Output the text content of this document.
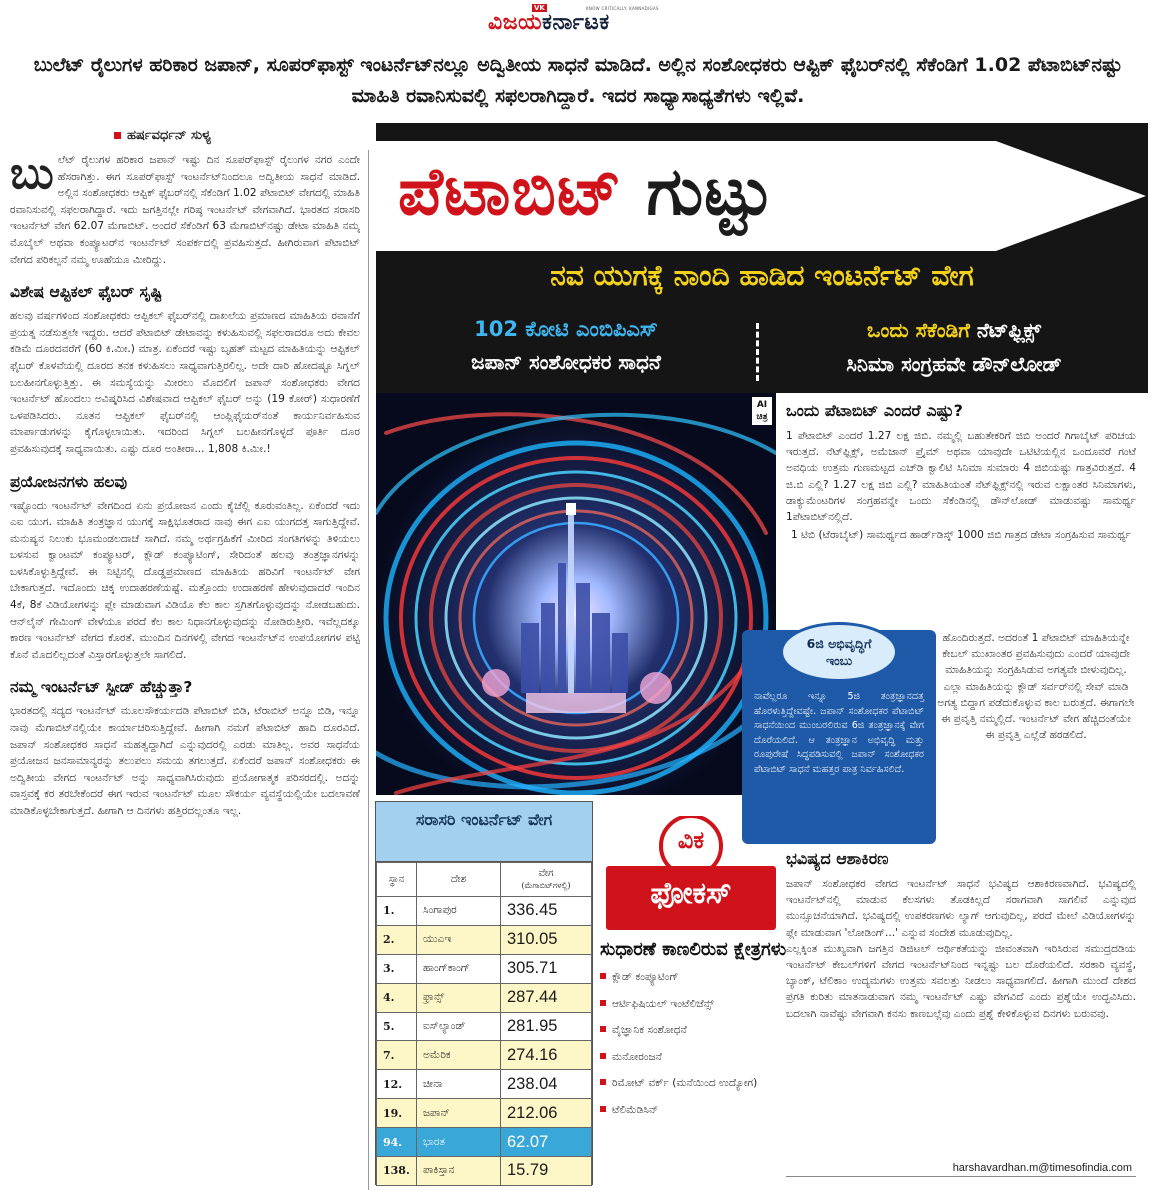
VK	KNOW CRITICALLY. KANNADIGAS
ವಿಜಯಕರ್ನಾಟಕ
ಬುಲೆಟ್ ರೈಲುಗಳ ಹರಿಕಾರ ಜಪಾನ್, ಸೂಪರ್‌ಫಾಸ್ಟ್ ಇಂಟರ್ನೆಟ್‌ನಲ್ಲೂ ಅದ್ವಿತೀಯ ಸಾಧನೆ ಮಾಡಿದೆ. ಅಲ್ಲಿನ ಸಂಶೋಧಕರು ಆಪ್ಟಿಕ್ ಫೈಬರ್‌ನಲ್ಲಿ ಸೆಕೆಂಡಿಗೆ 1.02 ಪೆಟಾಬಿಟ್‌ನಷ್ಟು ಮಾಹಿತಿ ರವಾನಿಸುವಲ್ಲಿ ಸಫಲರಾಗಿದ್ದಾರೆ. ಇದರ ಸಾಧ್ಯಾಸಾಧ್ಯತೆಗಳು ಇಲ್ಲಿವೆ.
ಹರ್ಷವರ್ಧನ್ ಸುಳ್ಯ

ಬುಲೆಟ್ ರೈಲುಗಳ ಹರಿಕಾರ ಜಪಾನ್ ಇಷ್ಟು ದಿನ ಸೂಪರ್‌ಫಾಸ್ಟ್ ರೈಲುಗಳ ನಗರ ಎಂದೇ ಹೆಸರಾಗಿತ್ತು. ಈಗ ಸೂಪರ್‌ಫಾಸ್ಟ್ ಇಂಟರ್ನೆಟ್‌ನಿಂದಲೂ ಅದ್ವಿತೀಯ ಸಾಧನೆ ಮಾಡಿದೆ. ಅಲ್ಲಿನ ಸಂಶೋಧಕರು ಆಪ್ಟಿಕ್ ಫೈಬರ್‌ನಲ್ಲಿ ಸೆಕೆಂಡಿಗೆ 1.02 ಪೆಟಾಬಿಟ್ ವೇಗದಲ್ಲಿ ಮಾಹಿತಿ ರವಾನಿಸುವಲ್ಲಿ ಸಫಲರಾಗಿದ್ದಾರೆ. ಇದು ಜಗತ್ತಿನಲ್ಲೇ ಗರಿಷ್ಠ ಇಂಟರ್ನೆಟ್ ವೇಗವಾಗಿದೆ. ಭಾರತದ ಸರಾಸರಿ ಇಂಟರ್ನೆಟ್ ವೇಗ 62.07 ಮೆಗಾಬಿಟ್. ಅಂದರೆ ಸೆಕೆಂಡಿಗೆ 63 ಮೆಗಾಬಿಟ್‌ನಷ್ಟು ಡೇಟಾ ಮಾಹಿತಿ ನಮ್ಮ ಮೊಬೈಲ್ ಅಥವಾ ಕಂಪ್ಯೂಟರ್‌ನ ಇಂಟರ್ನೆಟ್ ಸಂಪರ್ಕದಲ್ಲಿ ಪ್ರವಹಿಸುತ್ತದೆ. ಹೀಗಿರುವಾಗ ಪೆಟಾಬಿಟ್ ವೇಗದ ಪರಿಕಲ್ಪನೆ ನಮ್ಮ ಊಹೆಯೂ ಮೀರಿದ್ದು.

ವಿಶೇಷ ಆಪ್ಟಿಕಲ್ ಫೈಬರ್ ಸೃಷ್ಟಿ

ಹಲವು ವರ್ಷಗಳಿಂದ ಸಂಶೋಧಕರು ಆಪ್ಟಿಕಲ್ ಫೈಬರ್‌ನಲ್ಲಿ ದಾಖಲೆಯ ಪ್ರಮಾಣದ ಮಾಹಿತಿಯ ರವಾನೆಗೆ ಪ್ರಯತ್ನ ನಡೆಸುತ್ತಲೇ ಇದ್ದರು. ಆದರೆ ಪೆಟಾಬಿಟ್ ಡೇಟಾವನ್ನು ಕಳುಹಿಸುವಲ್ಲಿ ಸಫಲರಾದರೂ ಅದು ಕೇವಲ ಕಡಿಮೆ ದೂರದವರೆಗೆ (60 ಕಿ.ಮೀ.) ಮಾತ್ರ. ಏಕೆಂದರೆ ಇಷ್ಟು ಬೃಹತ್ ಮಟ್ಟದ ಮಾಹಿತಿಯನ್ನು ಆಪ್ಟಿಕಲ್ ಫೈಬರ್ ಕೊಳವೆಯಲ್ಲಿ ದೂರದ ತನಕ ಕಳುಹಿಸಲು ಸಾಧ್ಯವಾಗುತ್ತಿರಲಿಲ್ಲ. ಅದೇ ದಾರಿ ಹೋದಷ್ಟೂ ಸಿಗ್ನಲ್ ಬಲಹೀನಗೊಳ್ಳುತ್ತಿತ್ತು. ಈ ಸಮಸ್ಯೆಯನ್ನು ಮೀರಲು ಮೊದಲಿಗೆ ಜಪಾನ್ ಸಂಶೋಧಕರು ವೇಗದ ಇಂಟರ್ನೆಟ್ ಹೊಂದಲು ಅವಿಷ್ಕರಿಸಿದ ವಿಶೇಷವಾದ ಆಪ್ಟಿಕಲ್ ಫೈಬರ್ ಅನ್ನು (19 ಕೋರ್) ಸುಧಾರಣೆಗೆ ಒಳಪಡಿಸಿದರು. ನೂತನ ಆಪ್ಟಿಕಲ್ ಫೈಬರ್‌ನಲ್ಲಿ ಆಂಪ್ಲಿಫೈಯರ್‌ನಂತೆ ಕಾರ್ಯನಿರ್ವಹಿಸುವ ಮಾರ್ಪಾಡುಗಳನ್ನು ಕೈಗೊಳ್ಳಲಾಯಿತು. ಇದರಿಂದ ಸಿಗ್ನಲ್ ಬಲಹೀನಗೊಳ್ಳದೆ ಪೂರ್ತಿ ದೂರ ಪ್ರವಹಿಸುವುದಕ್ಕೆ ಸಾಧ್ಯವಾಯಿತು. ಎಷ್ಟು ದೂರ ಅಂತೀರಾ... 1,808 ಕಿ.ಮೀ.!

ಪ್ರಯೋಜನಗಳು ಹಲವು

ಇಷ್ಟೊಂದು ಇಂಟರ್ನೆಟ್ ವೇಗದಿಂದ ಏನು ಪ್ರಯೋಜನ ಎಂದು ಕೈಚೆಲ್ಲಿ ಕೂರುವಂತಿಲ್ಲ. ಏಕೆಂದರೆ ಇದು ಎಐ ಯುಗ. ಮಾಹಿತಿ ತಂತ್ರಜ್ಞಾನ ಯುಗಕ್ಕೆ ಸಾಕ್ಷಿಭೂತರಾದ ನಾವು ಈಗ ಎಐ ಯುಗದತ್ತ ಸಾಗುತ್ತಿದ್ದೇವೆ. ಮನುಷ್ಯನ ನಿಲುಕು ಭೂಮಂಡಲದಾಚೆ ಸಾಗಿದೆ. ನಮ್ಮ ಅರ್ಥಗ್ರಹಿಕೆಗೆ ಮೀರಿದ ಸಂಗತಿಗಳನ್ನು ತಿಳಿಯಲು ಬಳಸುವ ಕ್ವಾಂಟಮ್ ಕಂಪ್ಯೂಟರ್, ಕ್ಲೌಡ್ ಕಂಪ್ಯೂಟಿಂಗ್, ಸೇರಿದಂತೆ ಹಲವು ತಂತ್ರಜ್ಞಾನಗಳನ್ನು ಬಳಸಿಕೊಳ್ಳುತ್ತಿದ್ದೇವೆ. ಈ ನಿಟ್ಟಿನಲ್ಲಿ ದೊಡ್ಡಪ್ರಮಾಣದ ಮಾಹಿತಿಯ ಹರಿವಿಗೆ ಇಂಟರ್ನೆಟ್ ವೇಗ ಬೇಕಾಗುತ್ತದೆ. ಇದೊಂದು ಚಿಕ್ಕ ಉದಾಹರಣೆಯಷ್ಟೆ. ಮತ್ತೊಂದು ಉದಾಹರಣೆ ಹೇಳುವುದಾದರೆ ಇಂದಿನ 4ಕೆ, 8ಕೆ ವಿಡಿಯೋಗಳನ್ನು ಪ್ಲೇ ಮಾಡುವಾಗ ವಿಡಿಯೊ ಕೆಲ ಕಾಲ ಸ್ತಗಿತಗೊಳ್ಳುವುದನ್ನು ನೋಡಬಹುದು. ಆನ್‌ಲೈನ್ ಗೇಮಿಂಗ್ ವೇಳೆಯೂ ಪರದೆ ಕೆಲ ಕಾಲ ನಿಧಾನಗೊಳ್ಳುವುದನ್ನು ನೋಡಿರುತ್ತೀರಿ. ಇವೆಲ್ಲದಕ್ಕೂ ಕಾರಣ ಇಂಟರ್ನೆಟ್ ವೇಗದ ಕೊರತೆ. ಮುಂದಿನ ದಿನಗಳಲ್ಲಿ ವೇಗದ ಇಂಟರ್ನೆಟ್‌ನ ಉಪಯೋಗಗಳ ಪಟ್ಟಿ ಕೊನೆ ಮೊದಲಿಲ್ಲದಂತೆ ವಿಸ್ತಾರಗೊಳ್ಳುತ್ತಲೇ ಸಾಗಲಿದೆ.

ನಮ್ಮ ಇಂಟರ್ನೆಟ್ ಸ್ಪೀಡ್ ಹೆಚ್ಚುತ್ತಾ?

ಭಾರತದಲ್ಲಿ ಸದ್ಯದ ಇಂಟರ್ನೆಟ್ ಮೂಲಸೌಕರ್ಯದಡಿ ಪೆಟಾಬಿಟ್ ಬಿಡಿ, ಟೆರಾಬಿಟ್ ಅನ್ನೂ ಬಿಡಿ, ಇನ್ನೂ ನಾವು ಮೆಗಾಬಿಟ್‌ನಲ್ಲಿಯೇ ಕಾರ್ಯಾಚರಿಸುತ್ತಿದ್ದೇವೆ. ಹೀಗಾಗಿ ನಮಗೆ ಪೆಟಾಬಿಟ್ ಹಾದಿ ದೂರವಿದೆ. ಜಪಾನ್ ಸಂಶೋಧಕರ ಸಾಧನೆ ಮಹತ್ವದ್ದಾಗಿದೆ ಎನ್ನುವುದರಲ್ಲಿ ಎರಡು ಮಾತಿಲ್ಲ. ಅವರ ಸಾಧನೆಯ ಪ್ರಯೋಜನ ಜನಸಾಮಾನ್ಯರನ್ನು ತಲುಪಲು ಸಮಯ ತಗಲುತ್ತದೆ. ಏಕೆಂದರೆ ಜಪಾನ್ ಸಂಶೋಧಕರು ಈ ಅದ್ವಿತೀಯ ವೇಗದ ಇಂಟರ್ನೆಟ್ ಅನ್ನು ಸಾಧ್ಯವಾಗಿಸಿರುವುದು ಪ್ರಯೋಗಾತ್ಮಕ ಪರಿಸರದಲ್ಲಿ. ಅದನ್ನು ವಾಸ್ತವಕ್ಕೆ ಕರ ತರಬೇಕೆಂದರೆ ಈಗ ಇರುವ ಇಂಟರ್ನೆಟ್ ಮೂಲ ಸೌಕರ್ಯ ವ್ಯವಸ್ಥೆಯಲ್ಲಿಯೇ ಬದಲಾವಣೆ ಮಾಡಿಕೊಳ್ಳಬೇಕಾಗುತ್ತದೆ. ಹೀಗಾಗಿ ಆ ದಿನಗಳು ಹತ್ತಿರದಲ್ಲಂತೂ ಇಲ್ಲ.

ಪೆಟಾಬಿಟ್ ಗುಟ್ಟು
ನವ ಯುಗಕ್ಕೆ ನಾಂದಿ ಹಾಡಿದ ಇಂಟರ್ನೆಟ್ ವೇಗ
102 ಕೋಟಿ ಎಂಬಿಪಿಎಸ್
ಜಪಾನ್ ಸಂಶೋಧಕರ ಸಾಧನೆ
ಒಂದು ಸೆಕೆಂಡಿಗೆ ನೆಟ್‌ಫ್ಲಿಕ್ಸ್
ಸಿನಿಮಾ ಸಂಗ್ರಹವೇ ಡೌನ್‌ಲೋಡ್
AI
ಚಿತ್ರ ಒಂದು ಪೆಟಾಬಿಟ್ ಎಂದರೆ ಎಷ್ಟು?

1 ಪೆಟಾಬಿಟ್ ಎಂದರೆ 1.27 ಲಕ್ಷ ಜಿಬಿ. ನಮ್ಮಲ್ಲಿ ಬಹುತೇಕರಿಗೆ ಜಿಬಿ ಅಂದರೆ ಗಿಗಾಬೈಟ್ ಪರಿಚಯ ಇರುತ್ತದೆ. ನೆಟ್‌ಫ್ಲಿಕ್ಸ್, ಅಮೆಜಾನ್ ಪ್ರೈಮ್ ಅಥವಾ ಯಾವುದೇ ಒಟಿಟಿಯಲ್ಲಿನ ಒಂದೂವರೆ ಗಂಟೆ ಅವಧಿಯ ಉತ್ತಮ ಗುಣಮಟ್ಟದ ಎಚ್‌ಡಿ ಕ್ವಾಲಿಟಿ ಸಿನಿಮಾ ಸುಮಾರು 4 ಜಿಬಿಯಷ್ಟು ಗಾತ್ರವಿರುತ್ತದೆ. 4 ಜಿ.ಬಿ ಎಲ್ಲಿ? 1.27 ಲಕ್ಷ ಜಿಬಿ ಎಲ್ಲಿ? ಮಾಹಿತಿಯಂತೆ ನೆಟ್‌ಫ್ಲಿಕ್ಸ್‌ನಲ್ಲಿ ಇರುವ ಲಕ್ಷಾಂತರ ಸಿನಿಮಾಗಳು, ಡಾಕ್ಯುಮೆಂಟರಿಗಳ ಸಂಗ್ರಹವನ್ನೇ ಒಂದು ಸೆಕೆಂಡಿನಲ್ಲಿ ಡೌನ್‌ಲೋಡ್ ಮಾಡುವಷ್ಟು ಸಾಮರ್ಥ್ಯ 1ಪೆಟಾಬಿಟ್‌ನಲ್ಲಿದೆ.

1 ಟಿಬಿ (ಟೆರಾಬೈಟ್) ಸಾಮರ್ಥ್ಯದ ಹಾರ್ಡ್‌ಡಿಸ್ಕ್ 1000 ಜಿಬಿ ಗಾತ್ರದ ಡೇಟಾ ಸಂಗ್ರಹಿಸುವ ಸಾಮರ್ಥ್ಯ

ಹೊಂದಿರುತ್ತದೆ. ಅದರಂತೆ 1 ಪೆಟಾಬಿಟ್ ಮಾಹಿತಿಯನ್ನೇ ಕೇಬಲ್ ಮುಖಾಂತರ ಪ್ರವಹಿಸುವುದು ಎಂದರೆ ಯಾವುದೇ ಮಾಹಿತಿಯನ್ನು ಸಂಗ್ರಹಿಸಿಡುವ ಅಗತ್ಯವೇ ಬೀಳುವುದಿಲ್ಲ. ಎಲ್ಲಾ ಮಾಹಿತಿಯನ್ನು ಕ್ಲೌಡ್ ಸರ್ವರ್‌ನಲ್ಲಿ ಸೇವ್ ಮಾಡಿ ಅಗತ್ಯ ಬಿದ್ದಾಗ ಪಡೆದುಕೊಳ್ಳುವ ಕಾಲ ಬರುತ್ತದೆ. ಈಗಾಗಲೇ ಈ ಪ್ರವೃತ್ತಿ ನಮ್ಮಲ್ಲಿದೆ. ಇಂಟರ್ನೆಟ್ ವೇಗ ಹೆಚ್ಚಿದಂತೆಯೇ ಈ ಪ್ರವೃತ್ತಿ ಎಲ್ಲೆಡೆ ಹರಡಲಿದೆ.
ನಾವೆಲ್ಲರೂ ಇನ್ನೂ 5ಜಿ ತಂತ್ರಜ್ಞಾನದತ್ತ ಹೊರಳುತ್ತಿದ್ದೇವಷ್ಟೇ. ಜಪಾನ್ ಸಂಶೋಧಕರ ಪೆಟಾಬಿಟ್ ಸಾಧನೆಯಿಂದ ಮುಂಬರಲಿರುವ 6ಜಿ ತಂತ್ರಜ್ಞಾನಕ್ಕೆ ವೇಗ ದೊರೆಯಲಿದೆ. ಆ ತಂತ್ರಜ್ಞಾನ ಅಭಿವೃದ್ಧಿ ಮತ್ತು ರೂಪುರೇಷೆ ಸಿದ್ಧಪಡಿಸುವಲ್ಲಿ ಜಪಾನ್ ಸಂಶೋಧಕರ ಪೆಟಾಬಿಟ್ ಸಾಧನೆ ಮಹತ್ತರ ಪಾತ್ರ ನಿರ್ವಹಿಸಲಿದೆ.
6ಜಿ ಅಭಿವೃದ್ಧಿಗೆ
ಇಂಬು
ಸರಾಸರಿ ಇಂಟರ್ನೆಟ್ ವೇಗ
ಸ್ಥಾನ	ದೇಶ	ವೇಗ
(ಮೆಗಾಬಿಟ್‌ಗಳಲ್ಲಿ)

1.	ಸಿಂಗಾಪುರ	336.45
2.	ಯುಎಇ	310.05
3.	ಹಾಂಗ್‌ಕಾಂಗ್	305.71
4.	ಫ್ರಾನ್ಸ್	287.44
5.	ಐಸ್‌ಲ್ಯಾಂಡ್	281.95
7.	ಅಮೆರಿಕ	274.16
12.	ಚೀನಾ	238.04
19.	ಜಪಾನ್	212.06
94.	ಭಾರತ	62.07
138.	ಪಾಕಿಸ್ತಾನ	15.79
ವಿಕ
ಫೋಕಸ್
ಸುಧಾರಣೆ ಕಾಣಲಿರುವ ಕ್ಷೇತ್ರಗಳು
ಕ್ಲೌಡ್ ಕಂಪ್ಯೂಟಿಂಗ್
ಆರ್ಟಿಫಿಷಿಯಲ್ ಇಂಟೆಲಿಜೆನ್ಸ್
ವೈಜ್ಞಾನಿಕ ಸಂಶೋಧನೆ
ಮನೋರಂಜನೆ
ರಿಮೋಟ್ ವರ್ಕ್ (ಮನೆಯಿಂದ ಉದ್ಯೋಗ)
ಟೆಲಿಮೆಡಿಸಿನ್
ಭವಿಷ್ಯದ ಆಶಾಕಿರಣ

ಜಪಾನ್ ಸಂಶೋಧಕರ ವೇಗದ ಇಂಟರ್ನೆಟ್ ಸಾಧನೆ ಭವಿಷ್ಯದ ಆಶಾಕಿರಣವಾಗಿದೆ. ಭವಿಷ್ಯದಲ್ಲಿ ಇಂಟರ್ನೆಟ್‌ನಲ್ಲಿ ಮಾಡುವ ಕೆಲಸಗಳು ತೊಡಕಿಲ್ಲದೆ ಸರಾಗವಾಗಿ ಸಾಗಲಿವೆ ಎನ್ನುವುದ ಮುನ್ಸೂಚನೆಯಾಗಿದೆ. ಭವಿಷ್ಯದಲ್ಲಿ ಉಪಕರಣಗಳು ಲ್ಯಾಗ್ ಆಗುವುದಿಲ್ಲ, ಪರದೆ ಮೇಲೆ ವಿಡಿಯೋಗಳನ್ನು ಪ್ಲೇ ಮಾಡುವಾಗ 'ಲೋಡಿಂಗ್...' ಎನ್ನುವ ಸಂದೇಶ ಮೂಡುವುದಿಲ್ಲ.

ಎಲ್ಲಕ್ಕಿಂತ ಮುಖ್ಯವಾಗಿ ಜಗತ್ತಿನ ಡಿಜಿಟಲ್ ಆರ್ಥಿಕತೆಯನ್ನು ಜೀವಂತವಾಗಿ ಇರಿಸಿರುವ ಸಮುದ್ರದಡಿಯ ಇಂಟರ್ನೆಟ್ ಕೇಬಲ್‌ಗಳಿಗೆ ವೇಗದ ಇಂಟರ್ನೆಟ್‌ನಿಂದ ಇನ್ನಷ್ಟು ಬಲ ದೊರೆಯಲಿದೆ. ಸರಕಾರಿ ವ್ಯವಸ್ಥೆ, ಬ್ಯಾಂಕ್, ಟೆಲಿಕಾಂ ಉದ್ಯಮಗಳು ಉತ್ತಮ ಸವಲತ್ತು ನೀಡಲು ಸಾಧ್ಯವಾಗಲಿದೆ. ಹೀಗಾಗಿ ಮುಂದೆ ದೇಶದ ಪ್ರಗತಿ ಕುರಿತು ಮಾತನಾಡುವಾಗ ನಮ್ಮ ಇಂಟರ್ನೆಟ್ ಎಷ್ಟು ವೇಗವಿದೆ ಎಂದು ಪ್ರಶ್ನೆಯೇ ಉದ್ಭವಿಸಿದು. ಬದಲಾಗಿ ನಾವೆಷ್ಟು ವೇಗವಾಗಿ ಕನಸು ಕಾಣಬಲ್ಲೆವು ಎಂದು ಪ್ರಶ್ನೆ ಕೇಳಿಕೊಳ್ಳುವ ದಿನಗಳು ಬರುವವು.

harshavardhan.m@timesofindia.com
